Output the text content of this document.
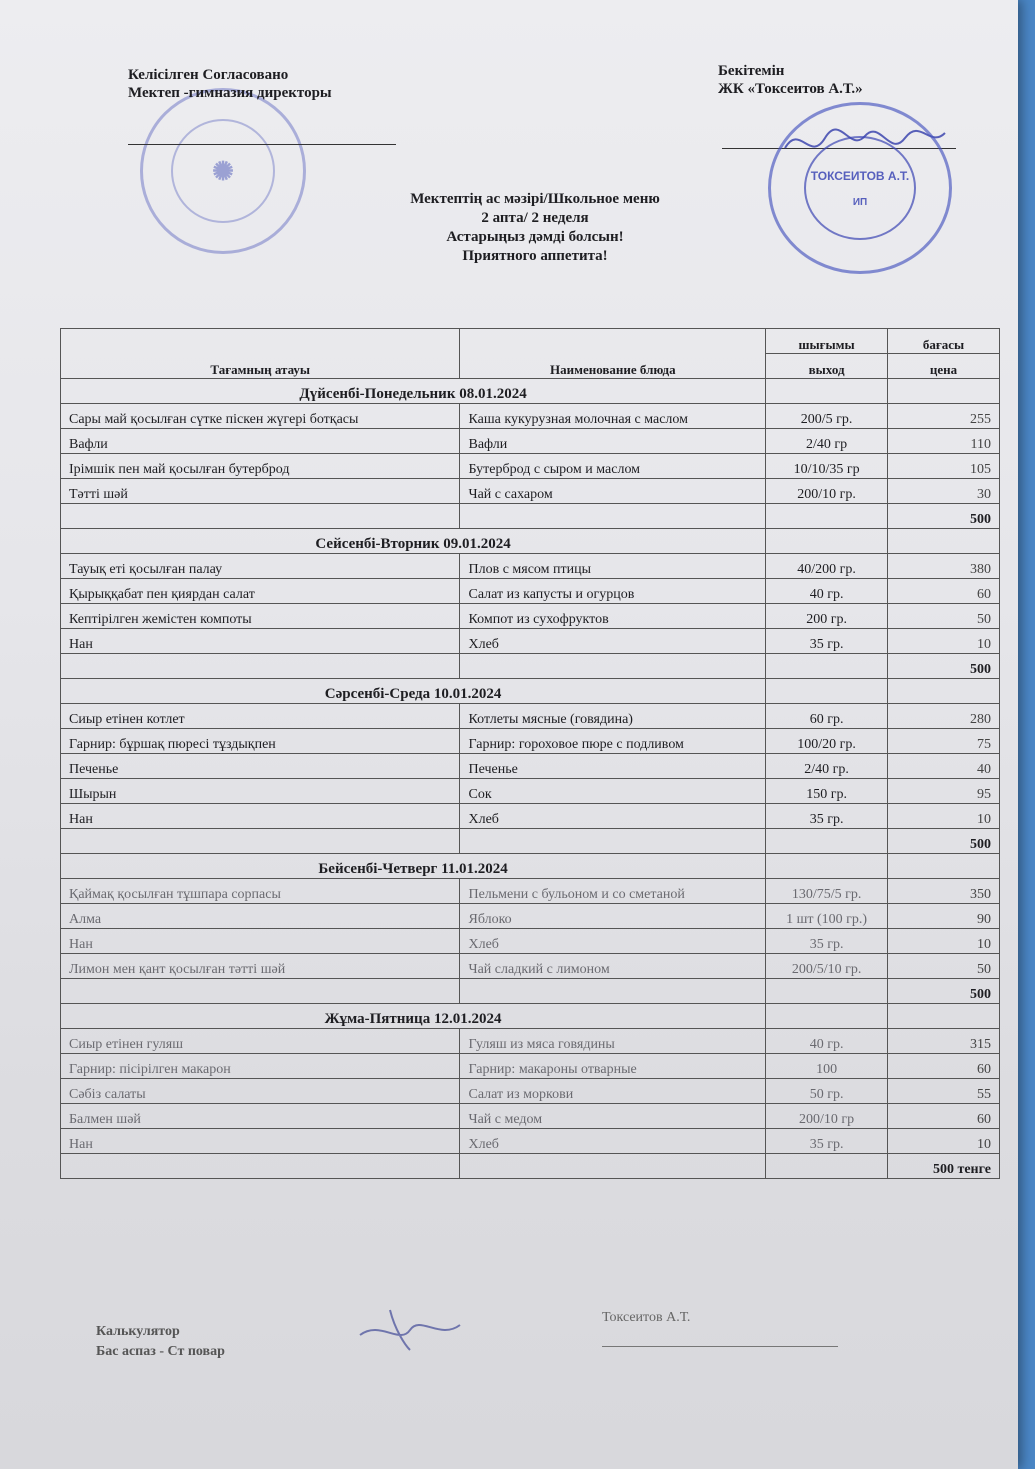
✺
Келісілген Согласовано
Мектеп -гимназия директоры
Бекітемін
ЖК «Токсеитов А.Т.»
ТОКСЕИТОВ А.Т.
ИП
Мектептің ас мәзірі/Школьное меню
2 апта/ 2 неделя
Астарыңыз дәмді болсын!
Приятного аппетита!
Тағамның атауы	Наименование блюда	шығымы	бағасы
		выход	цена
Дүйсенбі-Понедельник 08.01.2024			
Сары май қосылған сүтке піскен жүгері ботқасы	Каша кукурузная молочная с маслом	200/5 гр.	255
Вафли	Вафли	2/40 гр	110
Ірімшік пен май қосылған бутерброд	Бутерброд с сыром и маслом	10/10/35 гр	105
Тәтті шәй	Чай с сахаром	200/10 гр.	30
			500
Сейсенбі-Вторник 09.01.2024			
Тауық еті қосылған палау	Плов с мясом птицы	40/200 гр.	380
Қырыққабат пен қиярдан салат	Салат из капусты и огурцов	40 гр.	60
Кептірілген жемістен компоты	Компот из сухофруктов	200 гр.	50
Нан	Хлеб	35 гр.	10
			500
Сәрсенбі-Среда 10.01.2024			
Сиыр етінен котлет	Котлеты мясные (говядина)	60 гр.	280
Гарнир: бұршақ пюресі тұздықпен	Гарнир: гороховое пюре с подливом	100/20 гр.	75
Печенье	Печенье	2/40 гр.	40
Шырын	Сок	150 гр.	95
Нан	Хлеб	35 гр.	10
			500
Бейсенбі-Четверг 11.01.2024			
Қаймақ қосылған тұшпара сорпасы	Пельмени с бульоном и со сметаной	130/75/5 гр.	350
Алма	Яблоко	1 шт (100 гр.)	90
Нан	Хлеб	35 гр.	10
Лимон мен қант қосылған тәтті шәй	Чай сладкий с лимоном	200/5/10 гр.	50
			500
Жұма-Пятница 12.01.2024			
Сиыр етінен гуляш	Гуляш из мяса говядины	40 гр.	315
Гарнир: пісірілген макарон	Гарнир: макароны отварные	100	60
Сәбіз салаты	Салат из моркови	50 гр.	55
Балмен шәй	Чай с медом	200/10 гр	60
Нан	Хлеб	35 гр.	10
			500 тенге
Калькулятор
Бас аспаз - Ст повар
Токсеитов А.Т.
